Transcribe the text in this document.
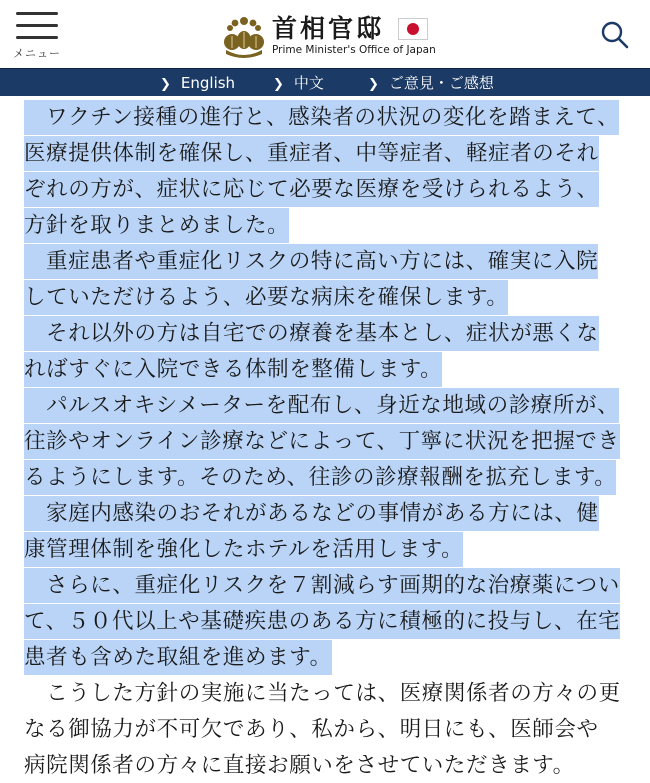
メニュー
首相官邸
Prime Minister's Office of Japan
❯ English	❯ 中文	❯ ご意見・ご感想
　ワクチン接種の進行と、感染者の状況の変化を踏まえて、
医療提供体制を確保し、重症者、中等症者、軽症者のそれ
ぞれの方が、症状に応じて必要な医療を受けられるよう、
方針を取りまとめました。
　重症患者や重症化リスクの特に高い方には、確実に入院
していただけるよう、必要な病床を確保します。
　それ以外の方は自宅での療養を基本とし、症状が悪くな
ればすぐに入院できる体制を整備します。
　パルスオキシメーターを配布し、身近な地域の診療所が、
往診やオンライン診療などによって、丁寧に状況を把握でき
るようにします。そのため、往診の診療報酬を拡充します。
　家庭内感染のおそれがあるなどの事情がある方には、健
康管理体制を強化したホテルを活用します。
　さらに、重症化リスクを７割減らす画期的な治療薬につい
て、５０代以上や基礎疾患のある方に積極的に投与し、在宅
患者も含めた取組を進めます。
　こうした方針の実施に当たっては、医療関係者の方々の更
なる御協力が不可欠であり、私から、明日にも、医師会や
病院関係者の方々に直接お願いをさせていただきます。
